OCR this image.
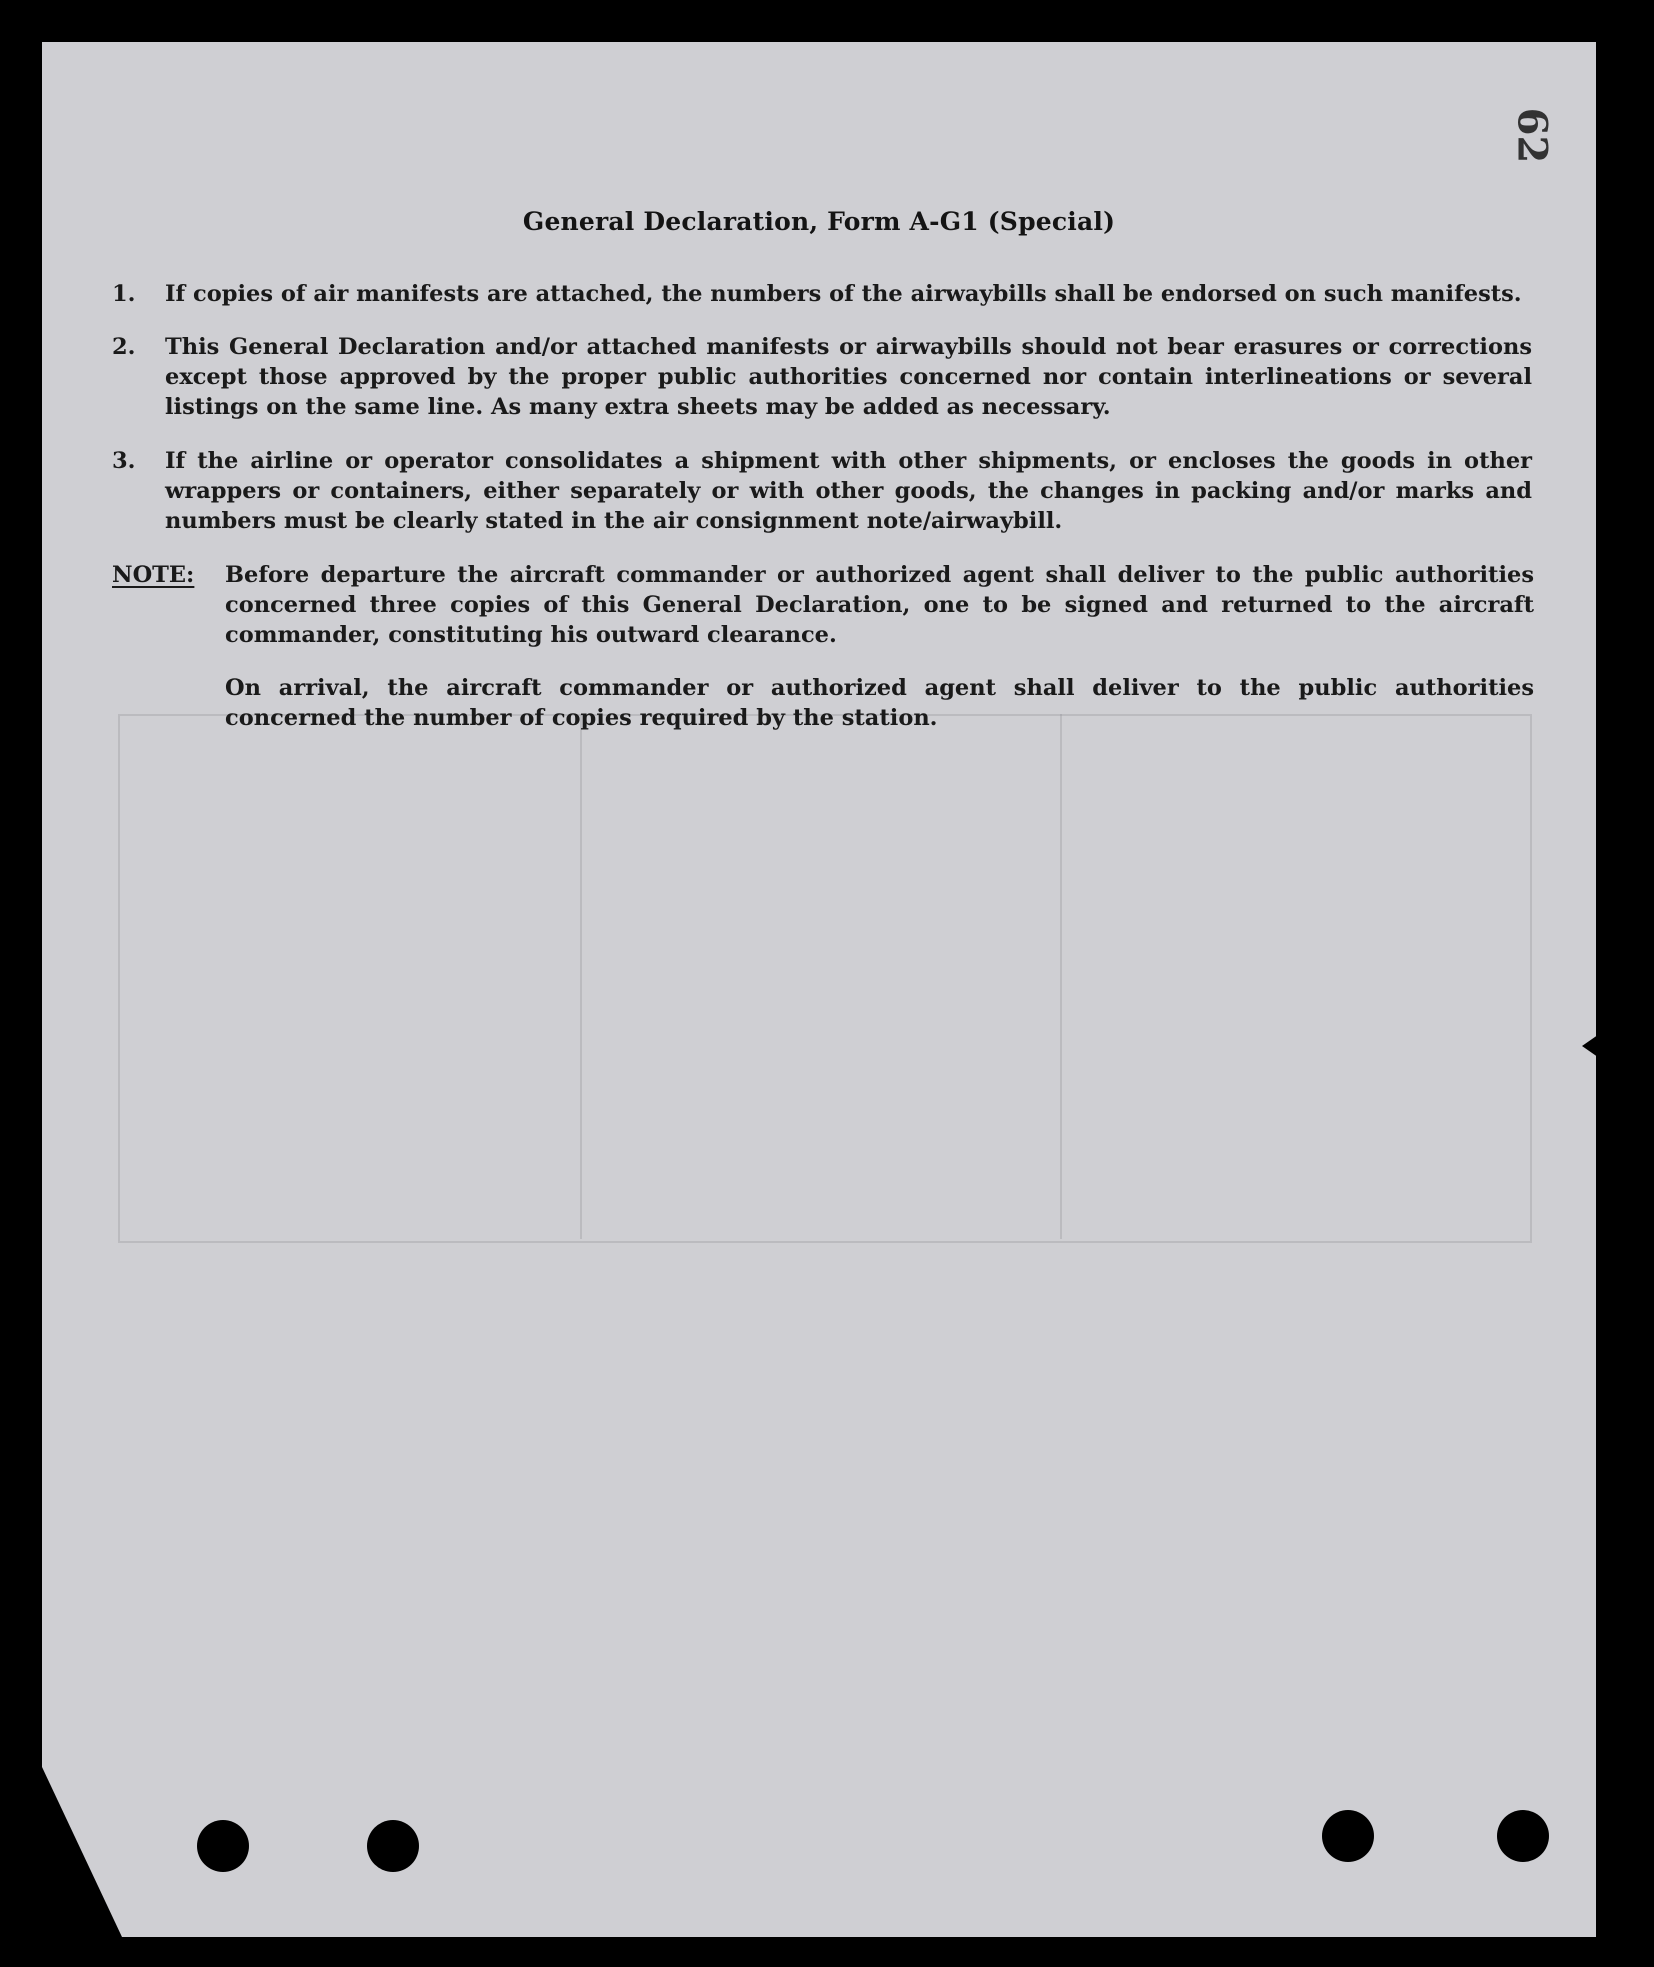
62
General Declaration, Form A-G1 (Special)
1.	If copies of air manifests are attached, the numbers of the airwaybills shall be endorsed on such manifests.
2.	This General Declaration and/or attached manifests or airwaybills should not bear erasures or corrections except those approved by the proper public authorities concerned nor contain interlineations or several listings on the same line. As many extra sheets may be added as necessary.
3.	If the airline or operator consolidates a shipment with other shipments, or encloses the goods in other wrappers or containers, either separately or with other goods, the changes in packing and/or marks and numbers must be clearly stated in the air consignment note/airwaybill.
NOTE: Before departure the aircraft commander or authorized agent shall deliver to the public authorities concerned three copies of this General Declaration, one to be signed and returned to the aircraft commander, constituting his outward clearance.

On arrival, the aircraft commander or authorized agent shall deliver to the public authorities concerned the number of copies required by the station.
